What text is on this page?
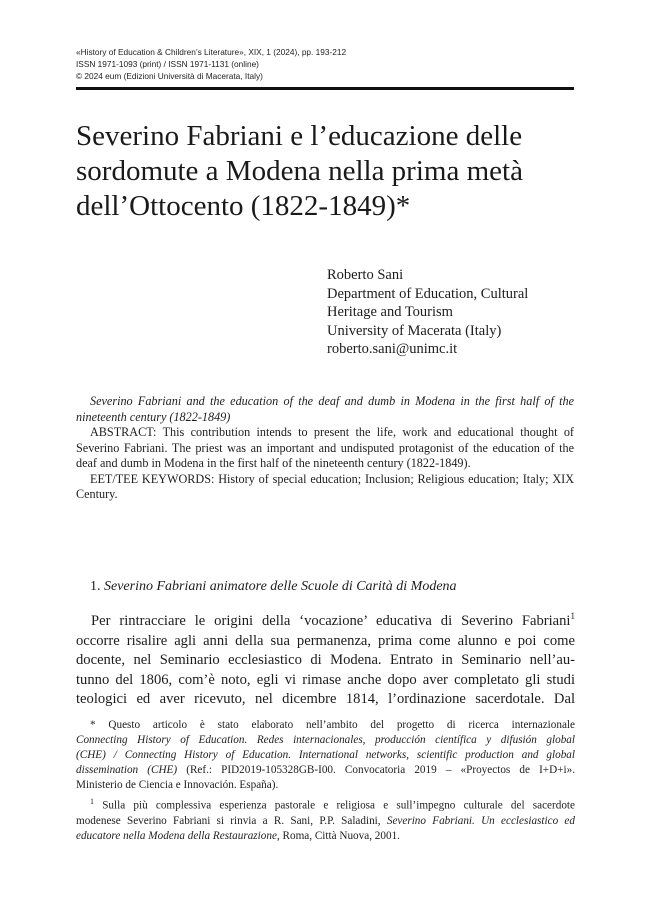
«History of Education & Children’s Literature», XIX, 1 (2024), pp. 193-212
ISSN 1971-1093 (print) / ISSN 1971-1131 (online)
© 2024 eum (Edizioni Università di Macerata, Italy)
Severino Fabriani e l’educazione delle
sordomute a Modena nella prima metà
dell’Ottocento (1822-1849)*
Roberto Sani
Department of Education, Cultural
Heritage and Tourism
University of Macerata (Italy)
roberto.sani@unimc.it

Severino Fabriani and the education of the deaf and dumb in Modena in the first half of the nineteenth century (1822-1849)

ABSTRACT: This contribution intends to present the life, work and educational thought of Severino Fabriani. The priest was an important and undisputed protagonist of the education of the deaf and dumb in Modena in the first half of the nineteenth century (1822-1849).

EET/TEE KEYWORDS: History of special education; Inclusion; Religious education; Italy; XIX Century.

1. Severino Fabriani animatore delle Scuole di Carità di Modena
Per rintracciare le origini della ‘vocazione’ educativa di Severino Fabriani$^1$
occorre risalire agli anni della sua permanenza, prima come alunno e poi come
docente, nel Seminario ecclesiastico di Modena. Entrato in Seminario nell’au-
tunno del 1806, com’è noto, egli vi rimase anche dopo aver completato gli studi
teologici ed aver ricevuto, nel dicembre 1814, l’ordinazione sacerdotale. Dal
* Questo articolo è stato elaborato nell’ambito del progetto di ricerca internazionale
Connecting History of Education. Redes internacionales, producción científica y difusión global
(CHE) / Connecting History of Education. International networks, scientific production and global
dissemination (CHE) (Ref.: PID2019-105328GB-I00. Convocatoria 2019 – «Proyectos de I+D+i».
Ministerio de Ciencia e Innovación. España).
$^1$ Sulla più complessiva esperienza pastorale e religiosa e sull’impegno culturale del sacerdote
modenese Severino Fabriani si rinvia a R. Sani, P.P. Saladini, Severino Fabriani. Un ecclesiastico ed
educatore nella Modena della Restaurazione, Roma, Città Nuova, 2001.
